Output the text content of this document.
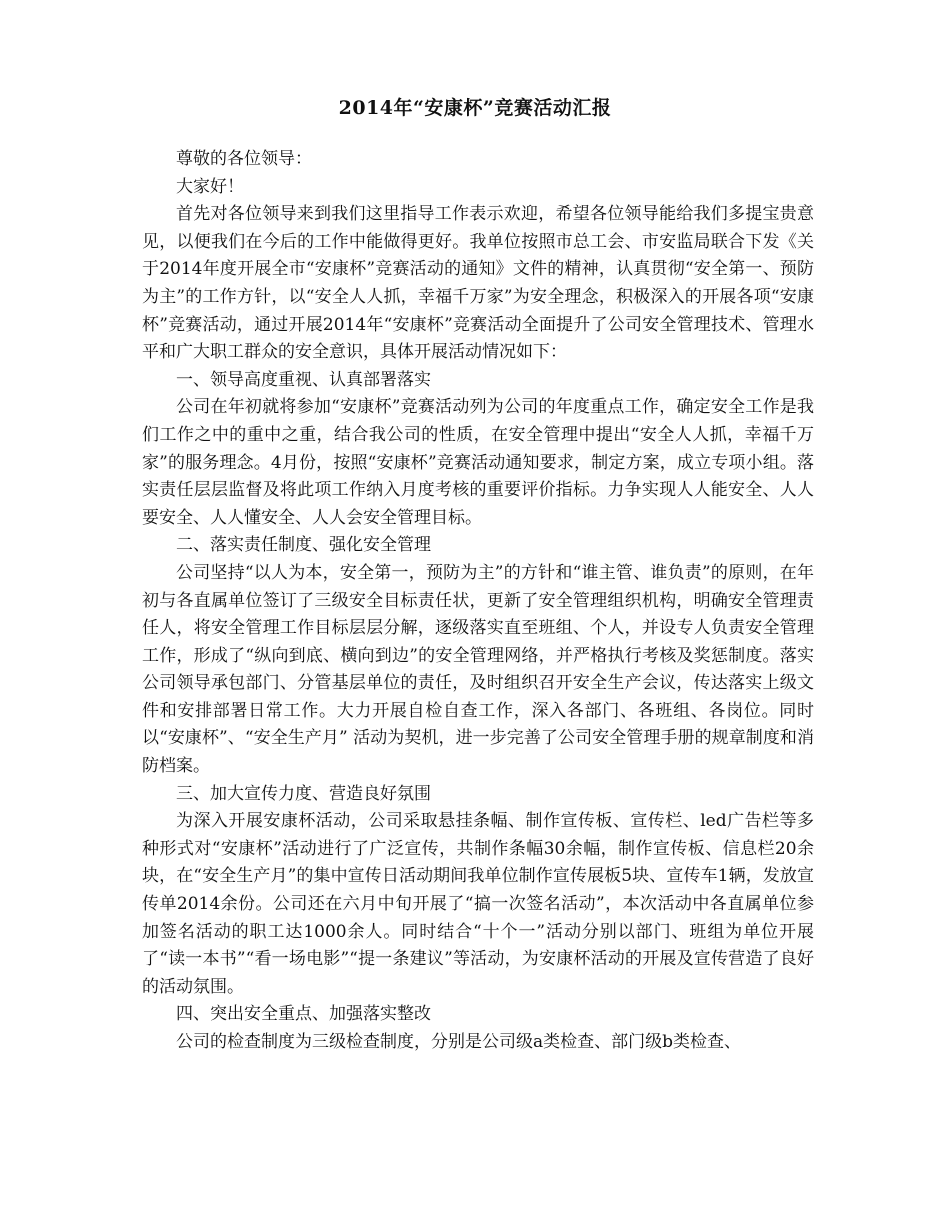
2014年“安康杯”竞赛活动汇报

尊敬的各位领导：

大家好！

首先对各位领导来到我们这里指导工作表示欢迎，希望各位领导能给我们多提宝贵意见，以便我们在今后的工作中能做得更好。我单位按照市总工会、市安监局联合下发《关于2014年度开展全市“安康杯”竞赛活动的通知》文件的精神，认真贯彻“安全第一、预防为主”的工作方针，以“安全人人抓，幸福千万家”为安全理念，积极深入的开展各项“安康杯”竞赛活动，通过开展2014年“安康杯”竞赛活动全面提升了公司安全管理技术、管理水平和广大职工群众的安全意识，具体开展活动情况如下：

一、领导高度重视、认真部署落实

公司在年初就将参加“安康杯”竞赛活动列为公司的年度重点工作，确定安全工作是我们工作之中的重中之重，结合我公司的性质，在安全管理中提出“安全人人抓，幸福千万家”的服务理念。4月份，按照“安康杯”竞赛活动通知要求，制定方案，成立专项小组。落实责任层层监督及将此项工作纳入月度考核的重要评价指标。力争实现人人能安全、人人要安全、人人懂安全、人人会安全管理目标。

二、落实责任制度、强化安全管理

公司坚持“以人为本，安全第一，预防为主”的方针和“谁主管、谁负责”的原则，在年初与各直属单位签订了三级安全目标责任状，更新了安全管理组织机构，明确安全管理责任人，将安全管理工作目标层层分解，逐级落实直至班组、个人，并设专人负责安全管理工作，形成了“纵向到底、横向到边”的安全管理网络，并严格执行考核及奖惩制度。落实公司领导承包部门、分管基层单位的责任，及时组织召开安全生产会议，传达落实上级文件和安排部署日常工作。大力开展自检自查工作，深入各部门、各班组、各岗位。同时以“安康杯”、“安全生产月” 活动为契机，进一步完善了公司安全管理手册的规章制度和消防档案。

三、加大宣传力度、营造良好氛围

为深入开展安康杯活动，公司采取悬挂条幅、制作宣传板、宣传栏、led广告栏等多种形式对“安康杯”活动进行了广泛宣传，共制作条幅30余幅，制作宣传板、信息栏20余块，在“安全生产月”的集中宣传日活动期间我单位制作宣传展板5块、宣传车1辆，发放宣传单2014余份。公司还在六月中旬开展了“搞一次签名活动”，本次活动中各直属单位参加签名活动的职工达1000余人。同时结合“十个一”活动分别以部门、班组为单位开展了“读一本书”“看一场电影”“提一条建议”等活动，为安康杯活动的开展及宣传营造了良好的活动氛围。

四、突出安全重点、加强落实整改

公司的检查制度为三级检查制度，分别是公司级a类检查、部门级b类检查、
